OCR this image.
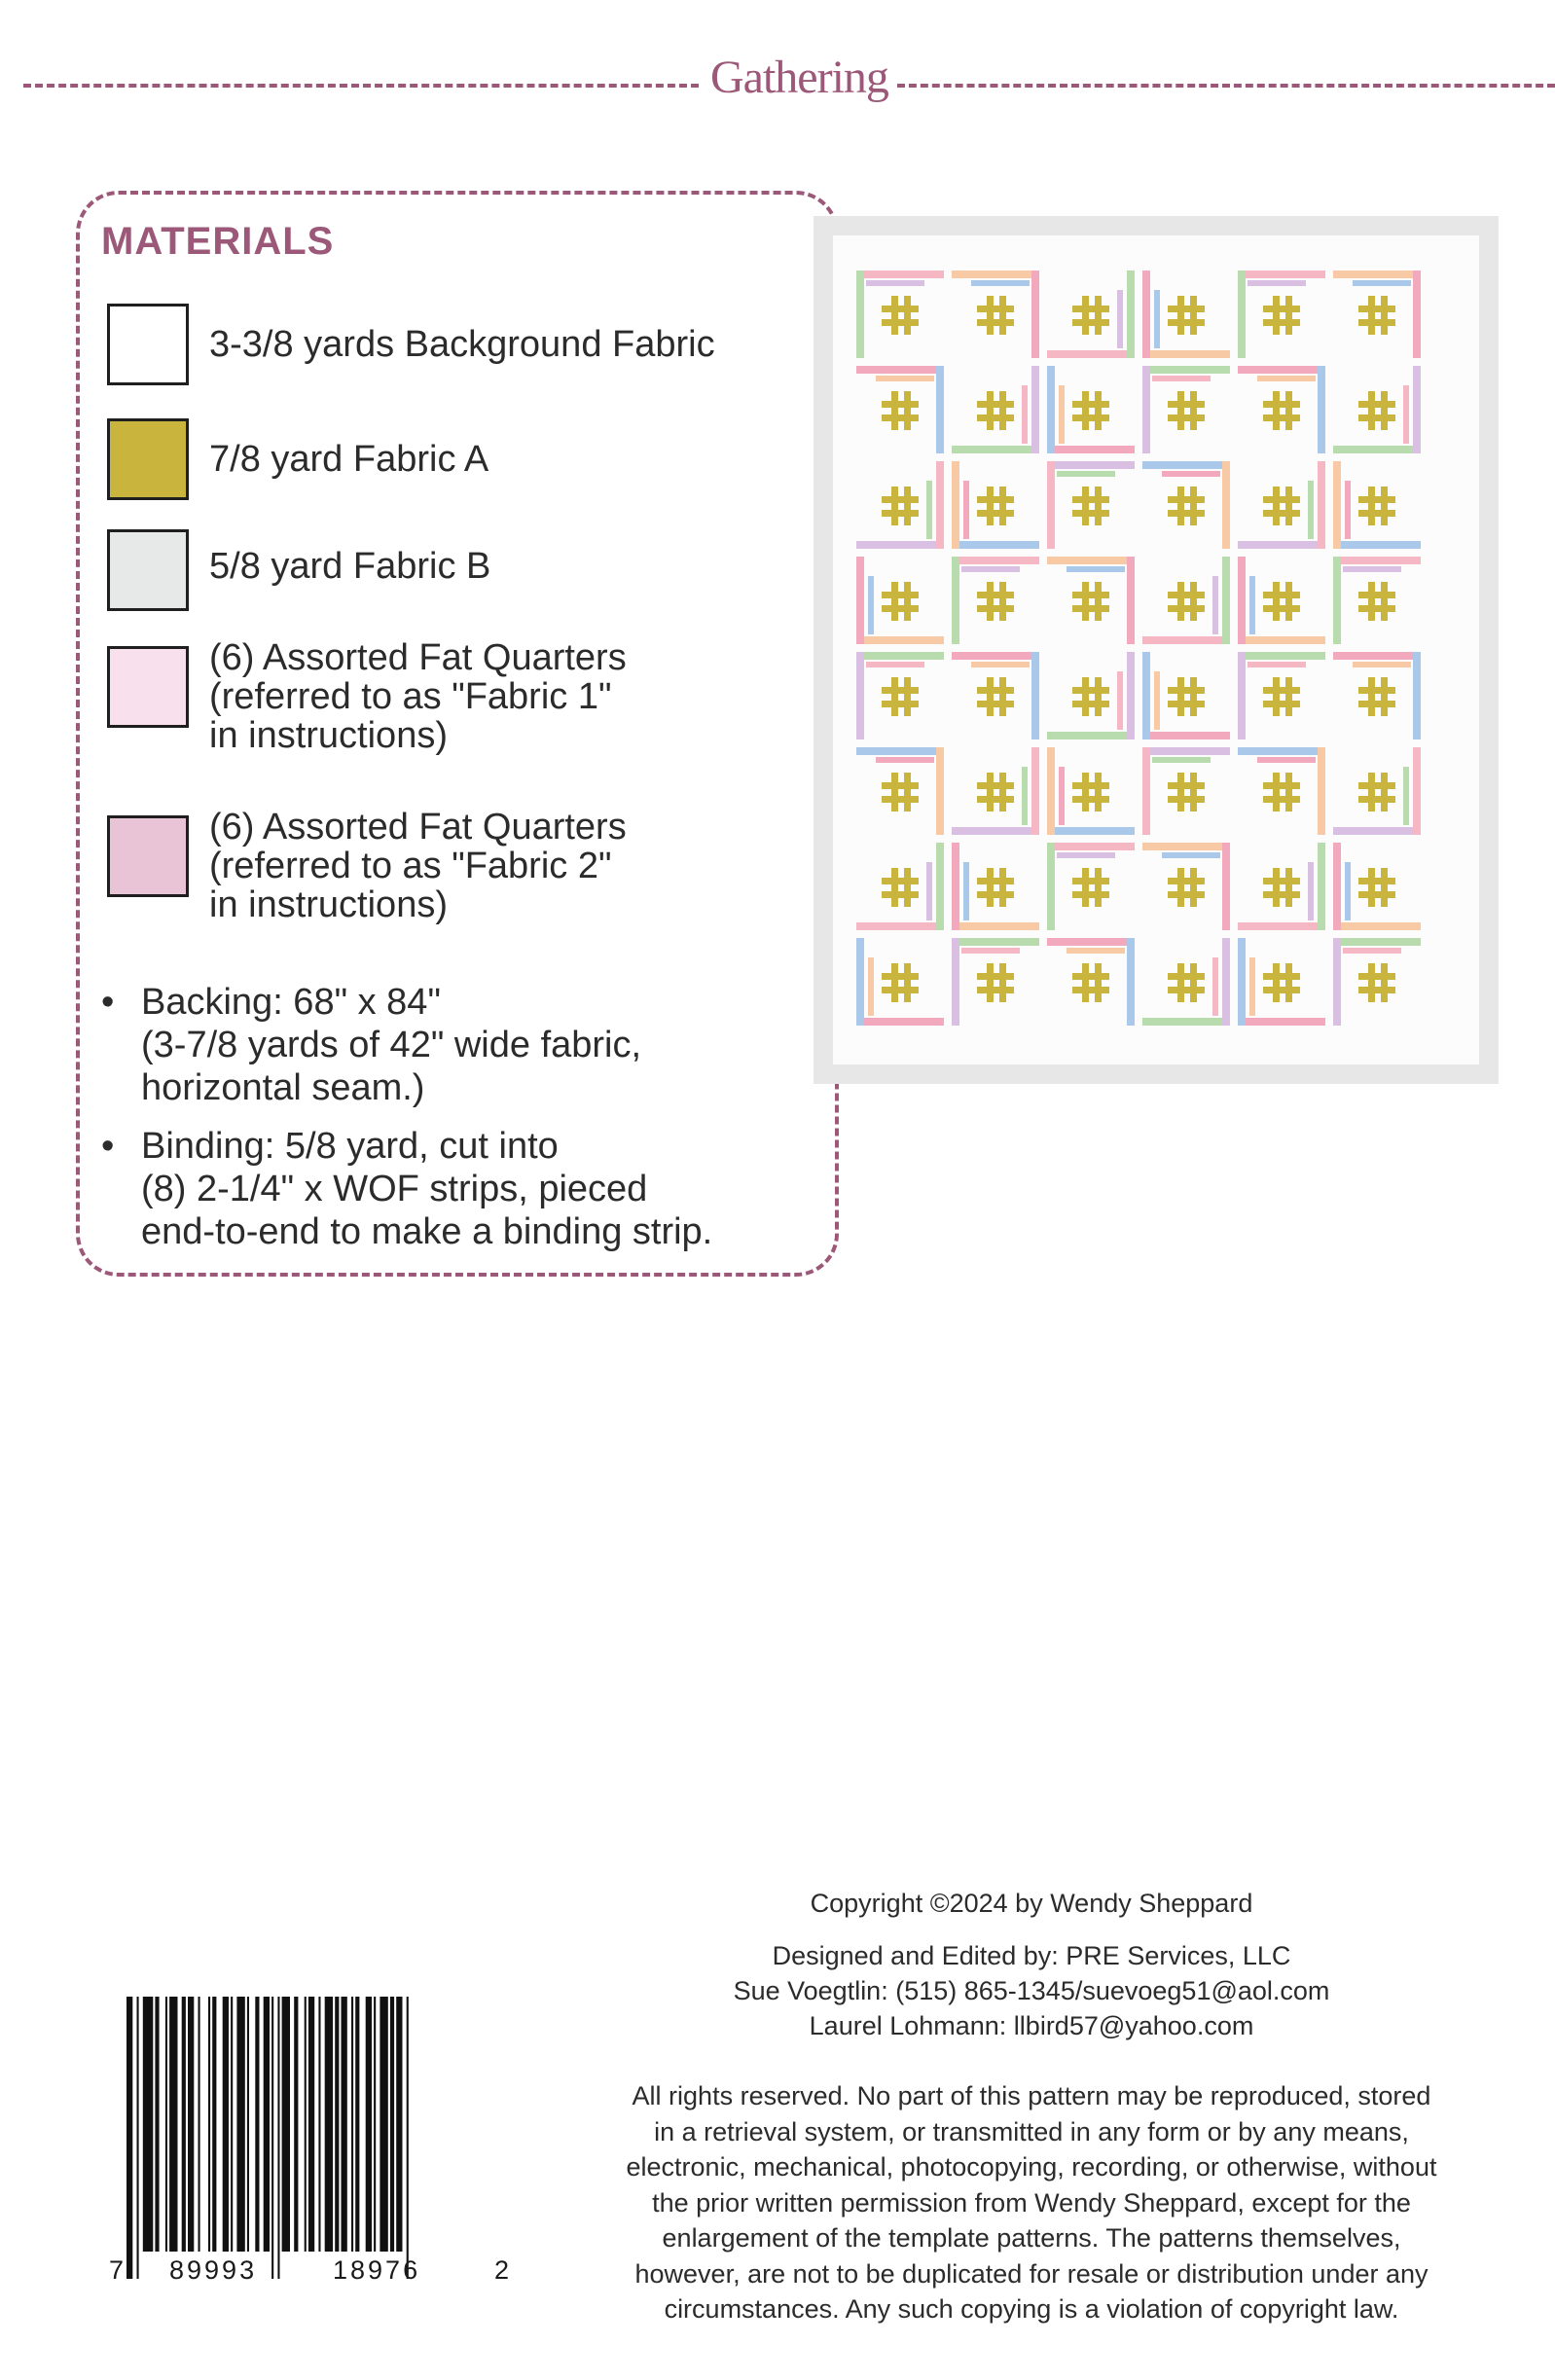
Gathering
MATERIALS
3-3/8 yards Background Fabric
7/8 yard Fabric A
5/8 yard Fabric B
(6) Assorted Fat Quarters
(referred to as "Fabric 1"
in instructions)
(6) Assorted Fat Quarters
(referred to as "Fabric 2"
in instructions)
• Backing: 68" x 84"
(3-7/8 yards of 42" wide fabric,
horizontal seam.)
• Binding: 5/8 yard, cut into
(8) 2-1/4" x WOF strips, pieced
end-to-end to make a binding strip.
Copyright ©2024 by Wendy Sheppard
Designed and Edited by: PRE Services, LLC
Sue Voegtlin: (515) 865-1345/suevoeg51@aol.com
Laurel Lohmann: llbird57@yahoo.com
All rights reserved. No part of this pattern may be reproduced, stored
in a retrieval system, or transmitted in any form or by any means,
electronic, mechanical, photocopying, recording, or otherwise, without
the prior written permission from Wendy Sheppard, except for the
enlargement of the template patterns. The patterns themselves,
however, are not to be duplicated for resale or distribution under any
circumstances. Any such copying is a violation of copyright law.
7 89993	18976	2
